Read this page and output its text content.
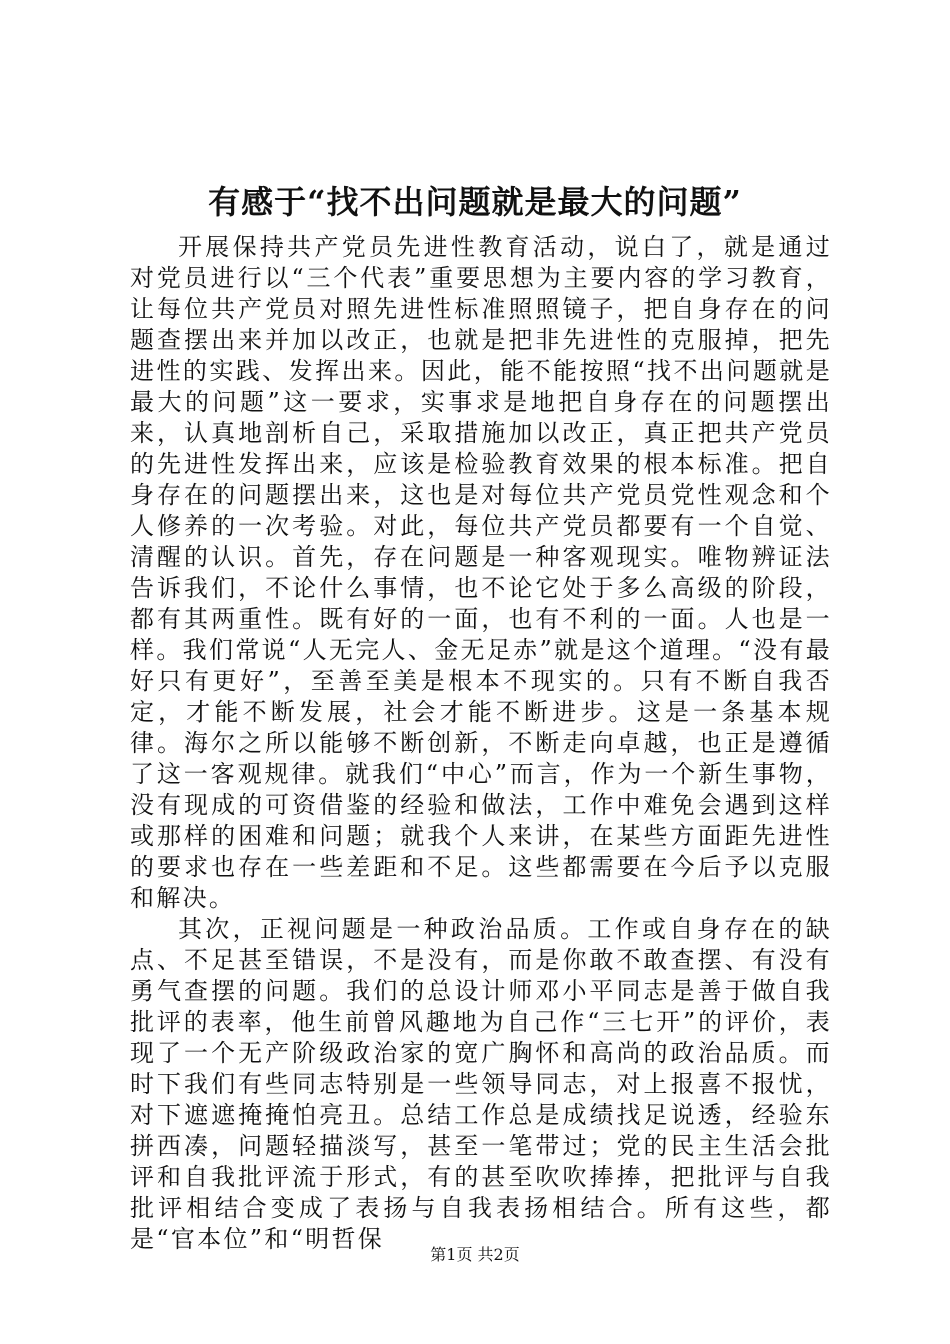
有感于“找不出问题就是最大的问题”

开展保持共产党员先进性教育活动，说白了，就是通过对党员进行以“三个代表”重要思想为主要内容的学习教育，让每位共产党员对照先进性标准照照镜子，把自身存在的问题查摆出来并加以改正，也就是把非先进性的克服掉，把先进性的实践、发挥出来。因此，能不能按照“找不出问题就是最大的问题”这一要求，实事求是地把自身存在的问题摆出来，认真地剖析自己，采取措施加以改正，真正把共产党员的先进性发挥出来，应该是检验教育效果的根本标准。把自身存在的问题摆出来，这也是对每位共产党员党性观念和个人修养的一次考验。对此，每位共产党员都要有一个自觉、清醒的认识。首先，存在问题是一种客观现实。唯物辨证法告诉我们，不论什么事情，也不论它处于多么高级的阶段，都有其两重性。既有好的一面，也有不利的一面。人也是一样。我们常说“人无完人、金无足赤”就是这个道理。“没有最好只有更好”，至善至美是根本不现实的。只有不断自我否定，才能不断发展，社会才能不断进步。这是一条基本规律。海尔之所以能够不断创新，不断走向卓越，也正是遵循了这一客观规律。就我们“中心”而言，作为一个新生事物，没有现成的可资借鉴的经验和做法，工作中难免会遇到这样或那样的困难和问题；就我个人来讲，在某些方面距先进性的要求也存在一些差距和不足。这些都需要在今后予以克服和解决。

其次，正视问题是一种政治品质。工作或自身存在的缺点、不足甚至错误，不是没有，而是你敢不敢查摆、有没有勇气查摆的问题。我们的总设计师邓小平同志是善于做自我批评的表率，他生前曾风趣地为自己作“三七开”的评价，表现了一个无产阶级政治家的宽广胸怀和高尚的政治品质。而时下我们有些同志特别是一些领导同志，对上报喜不报忧，对下遮遮掩掩怕亮丑。总结工作总是成绩找足说透，经验东拼西凑，问题轻描淡写，甚至一笔带过；党的民主生活会批评和自我批评流于形式，有的甚至吹吹捧捧，把批评与自我批评相结合变成了表扬与自我表扬相结合。所有这些，都是“官本位”和“明哲保

第1页 共2页
